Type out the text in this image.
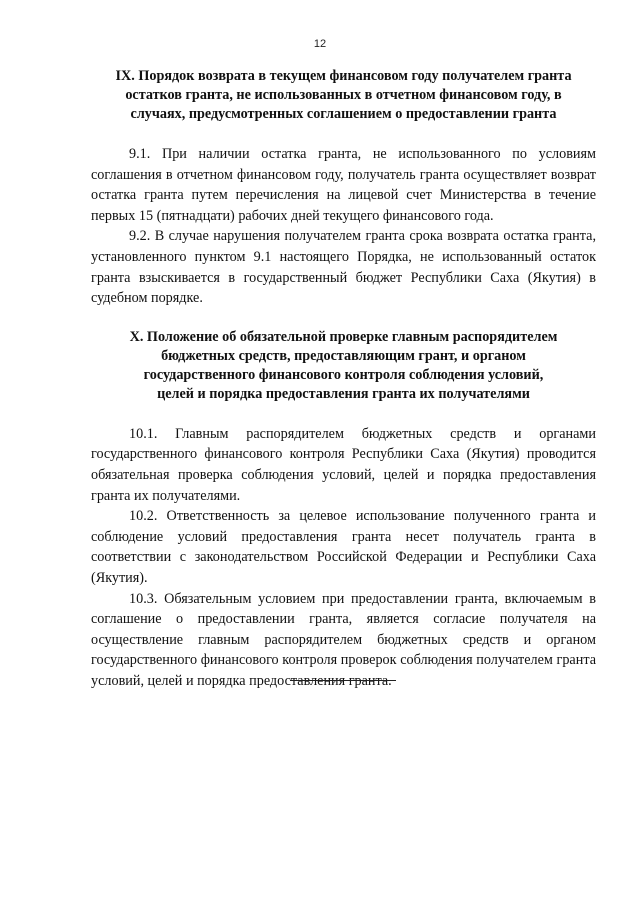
12
IX. Порядок возврата в текущем финансовом году получателем гранта
остатков гранта, не использованных в отчетном финансовом году, в
случаях, предусмотренных соглашением о предоставлении гранта

9.1. При наличии остатка гранта, не использованного по условиям соглашения в отчетном финансовом году, получатель гранта осуществляет возврат остатка гранта путем перечисления на лицевой счет Министерства в течение первых 15 (пятнадцати) рабочих дней текущего финансового года.

9.2. В случае нарушения получателем гранта срока возврата остатка гранта, установленного пунктом 9.1 настоящего Порядка, не использованный остаток гранта взыскивается в государственный бюджет Республики Саха (Якутия) в судебном порядке.

X. Положение об обязательной проверке главным распорядителем
бюджетных средств, предоставляющим грант, и органом
государственного финансового контроля соблюдения условий,
целей и порядка предоставления гранта их получателями

10.1. Главным распорядителем бюджетных средств и органами государственного финансового контроля Республики Саха (Якутия) проводится обязательная проверка соблюдения условий, целей и порядка предоставления гранта их получателями.

10.2. Ответственность за целевое использование полученного гранта и соблюдение условий предоставления гранта несет получатель гранта в соответствии с законодательством Российской Федерации и Республики Саха (Якутия).

10.3. Обязательным условием при предоставлении гранта, включаемым в соглашение о предоставлении гранта, является согласие получателя на осуществление главным распорядителем бюджетных средств и органом государственного финансового контроля проверок соблюдения получателем гранта условий, целей и порядка предоставления гранта.
